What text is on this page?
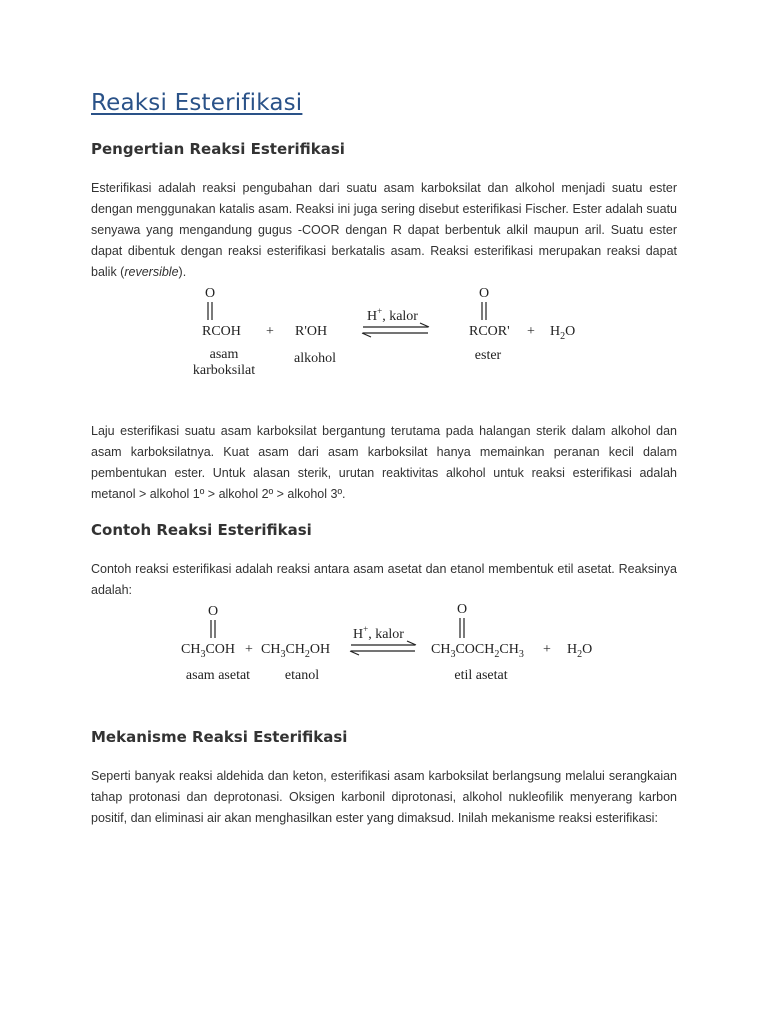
Reaksi Esterifikasi
Pengertian Reaksi Esterifikasi

Esterifikasi adalah reaksi pengubahan dari suatu asam karboksilat dan alkohol menjadi suatu ester dengan menggunakan katalis asam. Reaksi ini juga sering disebut esterifikasi Fischer. Ester adalah suatu senyawa yang mengandung gugus -COOR dengan R dapat berbentuk alkil maupun aril. Suatu ester dapat dibentuk dengan reaksi esterifikasi berkatalis asam. Reaksi esterifikasi merupakan reaksi dapat balik (reversible).

O
RCOH + R'OH
H+, kalor
O
RCOR' + $H_2O$
asam
karboksilat
alkohol	ester

Laju esterifikasi suatu asam karboksilat bergantung terutama pada halangan sterik dalam alkohol dan asam karboksilatnya. Kuat asam dari asam karboksilat hanya memainkan peranan kecil dalam pembentukan ester. Untuk alasan sterik, urutan reaktivitas alkohol untuk reaksi esterifikasi adalah metanol > alkohol 1º > alkohol 2º > alkohol 3º.

Contoh Reaksi Esterifikasi

Contoh reaksi esterifikasi adalah reaksi antara asam asetat dan etanol membentuk etil asetat. Reaksinya adalah:

O
$CH_3COH + CH_3CH_2OH$
H+, kalor
O
$CH_3COCH_2CH_3 + H_2O$
asam asetat etanol	etil asetat
Mekanisme Reaksi Esterifikasi

Seperti banyak reaksi aldehida dan keton, esterifikasi asam karboksilat berlangsung melalui serangkaian tahap protonasi dan deprotonasi. Oksigen karbonil diprotonasi, alkohol nukleofilik menyerang karbon positif, dan eliminasi air akan menghasilkan ester yang dimaksud. Inilah mekanisme reaksi esterifikasi:
